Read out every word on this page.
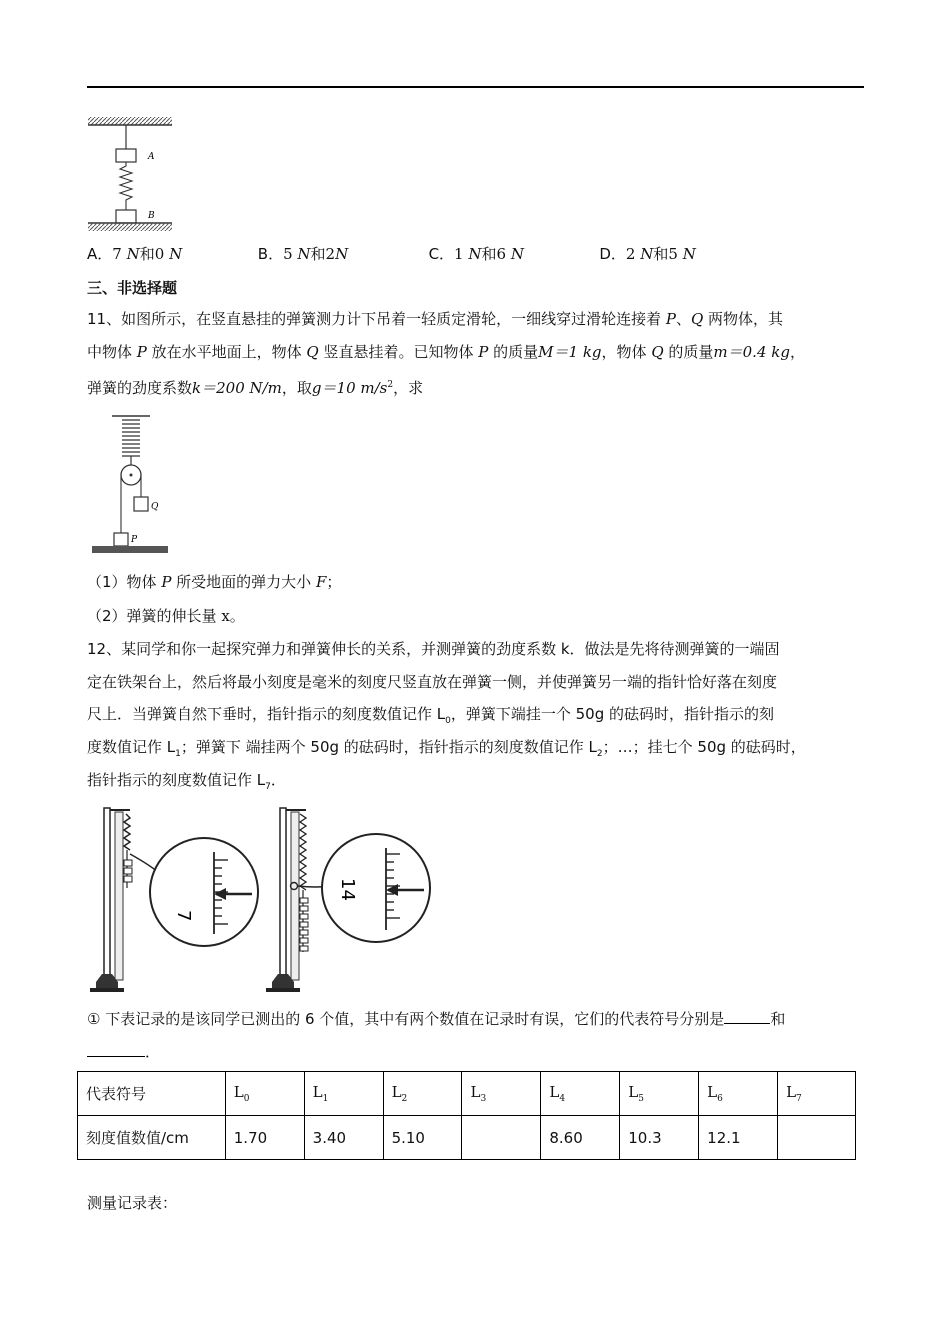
A
B
A．7 N和0 N	B．5 N和2N	C．1 N和6 N	D．2 N和5 N
三、非选择题
11、如图所示，在竖直悬挂的弹簧测力计下吊着一轻质定滑轮，一细线穿过滑轮连接着 P、Q 两物体，其
中物体 P 放在水平地面上，物体 Q 竖直悬挂着。已知物体 P 的质量M＝1 kg，物体 Q 的质量m＝0.4 kg，
弹簧的劲度系数k＝200 N/m，取g＝10 $m/s^2$，求
Q
P
（1）物体 P 所受地面的弹力大小 F；
（2）弹簧的伸长量 x。
12、某同学和你一起探究弹力和弹簧伸长的关系，并测弹簧的劲度系数 k．做法是先将待测弹簧的一端固
定在铁架台上，然后将最小刻度是毫米的刻度尺竖直放在弹簧一侧，并使弹簧另一端的指针恰好落在刻度
尺上．当弹簧自然下垂时，指针指示的刻度数值记作 $L_0$，弹簧下端挂一个 50g 的砝码时，指针指示的刻
度数值记作 $L_1$；弹簧下 端挂两个 50g 的砝码时，指针指示的刻度数值记作 $L_2$；…；挂七个 50g 的砝码时，
指针指示的刻度数值记作 $L_7$．
7
14
① 下表记录的是该同学已测出的 6 个值，其中有两个数值在记录时有误，它们的代表符号分别是	和
．
代表符号	$L_0$	$L_1$	$L_2$	$L_3$	$L_4$	$L_5$	$L_6$	$L_7$
刻度值数值/cm	1.70	3.40	5.10		8.60	10.3	12.1	
测量记录表：
